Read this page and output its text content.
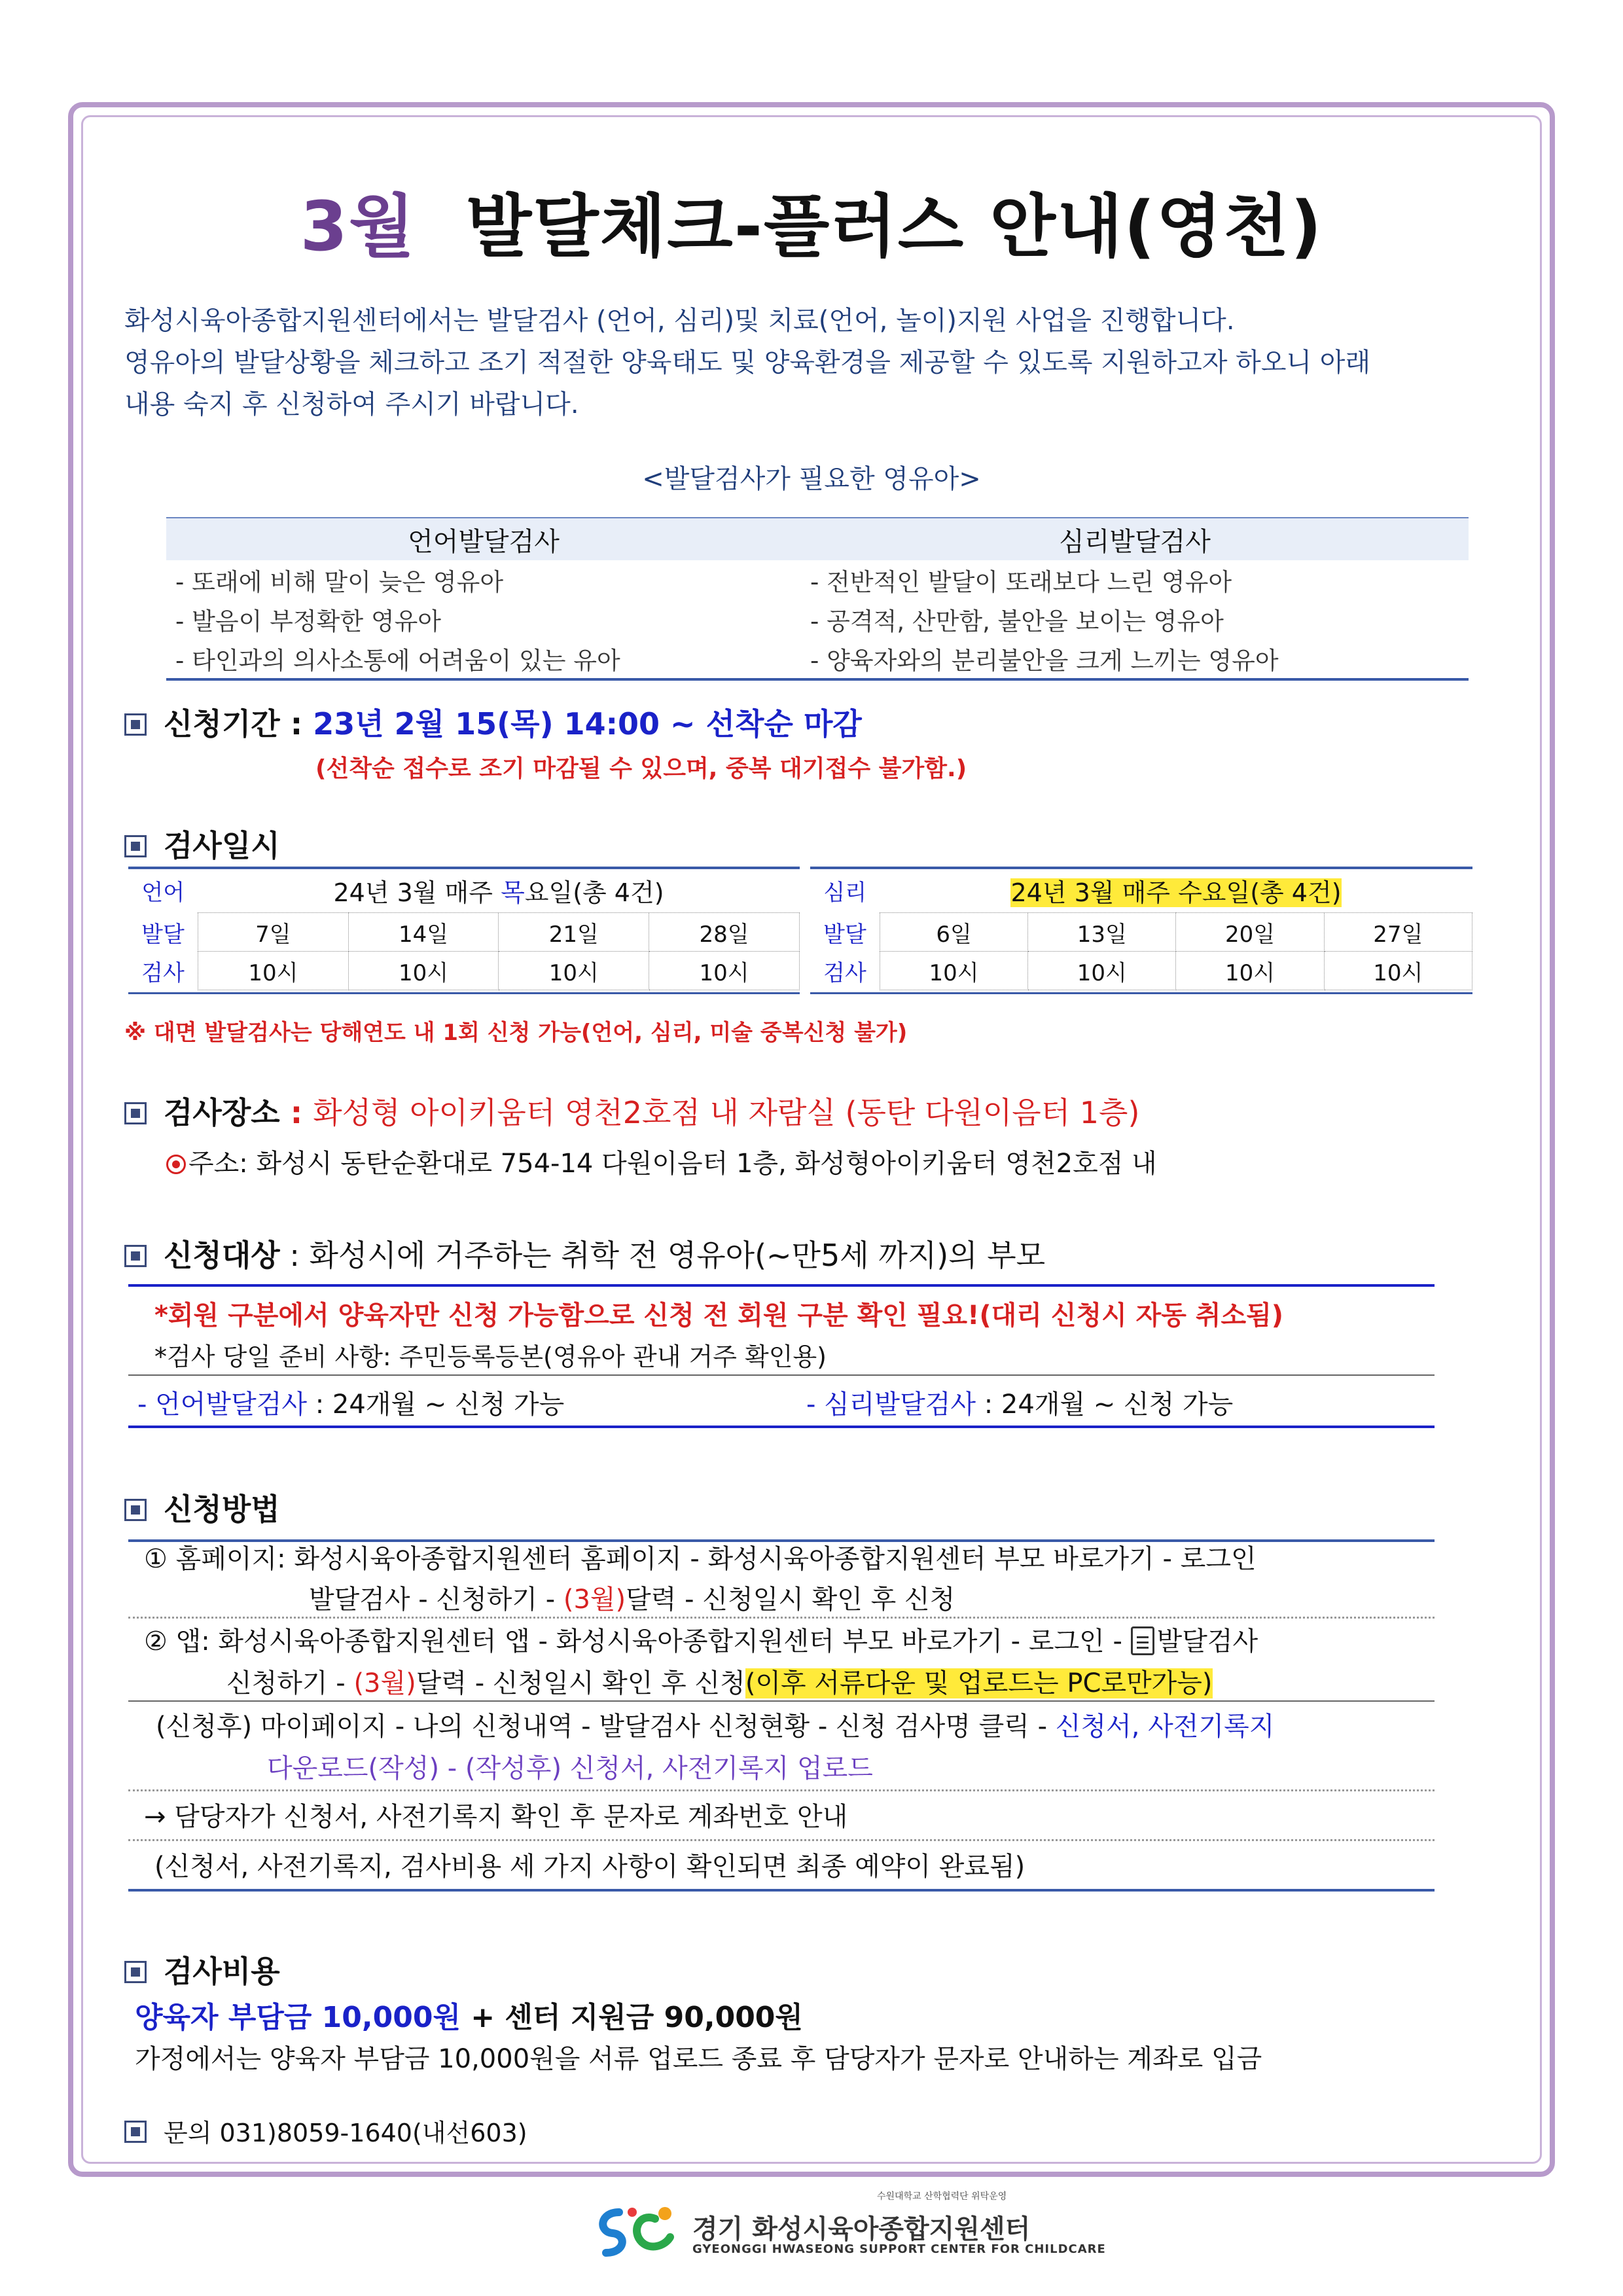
3월 발달체크-플러스 안내(영천)
화성시육아종합지원센터에서는 발달검사 (언어, 심리)및 치료(언어, 놀이)지원 사업을 진행합니다.
영유아의 발달상황을 체크하고 조기 적절한 양육태도 및 양육환경을 제공할 수 있도록 지원하고자 하오니 아래
내용 숙지 후 신청하여 주시기 바랍니다.
<발달검사가 필요한 영유아>
언어발달검사	심리발달검사
- 또래에 비해 말이 늦은 영유아	- 전반적인 발달이 또래보다 느린 영유아
- 발음이 부정확한 영유아	- 공격적, 산만함, 불안을 보이는 영유아
- 타인과의 의사소통에 어려움이 있는 유아	- 양육자와의 분리불안을 크게 느끼는 영유아
신청기간 : 23년 2월 15(목) 14:00 ~ 선착순 마감
(선착순 접수로 조기 마감될 수 있으며, 중복 대기접수 불가함.)
검사일시
언어	24년 3월 매주 목요일(총 4건)			
발달	7일	14일	21일	28일
검사	10시	10시	10시	10시
심리	24년 3월 매주 수요일(총 4건)			
발달	6일	13일	20일	27일
검사	10시	10시	10시	10시
※ 대면 발달검사는 당해연도 내 1회 신청 가능(언어, 심리, 미술 중복신청 불가)
검사장소 : 화성형 아이키움터 영천2호점 내 자람실 (동탄 다원이음터 1층)
주소: 화성시 동탄순환대로 754-14 다원이음터 1층, 화성형아이키움터 영천2호점 내
신청대상 : 화성시에 거주하는 취학 전 영유아(~만5세 까지)의 부모
*회원 구분에서 양육자만 신청 가능함으로 신청 전 회원 구분 확인 필요!(대리 신청시 자동 취소됨)
*검사 당일 준비 사항: 주민등록등본(영유아 관내 거주 확인용)
- 언어발달검사 : 24개월 ~ 신청 가능	- 심리발달검사 : 24개월 ~ 신청 가능
신청방법
① 홈페이지: 화성시육아종합지원센터 홈페이지 - 화성시육아종합지원센터 부모 바로가기 - 로그인
발달검사 - 신청하기 - (3월)달력 - 신청일시 확인 후 신청
② 앱: 화성시육아종합지원센터 앱 - 화성시육아종합지원센터 부모 바로가기 - 로그인 -
발달검사
신청하기 - (3월)달력 - 신청일시 확인 후 신청(이후 서류다운 및 업로드는 PC로만가능)
(신청후) 마이페이지 - 나의 신청내역 - 발달검사 신청현황 - 신청 검사명 클릭 - 신청서, 사전기록지
다운로드(작성) - (작성후) 신청서, 사전기록지 업로드
→ 담당자가 신청서, 사전기록지 확인 후 문자로 계좌번호 안내
(신청서, 사전기록지, 검사비용 세 가지 사항이 확인되면 최종 예약이 완료됨)
검사비용
양육자 부담금 10,000원 + 센터 지원금 90,000원
가정에서는 양육자 부담금 10,000원을 서류 업로드 종료 후 담당자가 문자로 안내하는 계좌로 입금
문의 031)8059-1640(내선603)
수원대학교 산학협력단 위탁운영
경기 화성시육아종합지원센터
GYEONGGI HWASEONG SUPPORT CENTER FOR CHILDCARE
